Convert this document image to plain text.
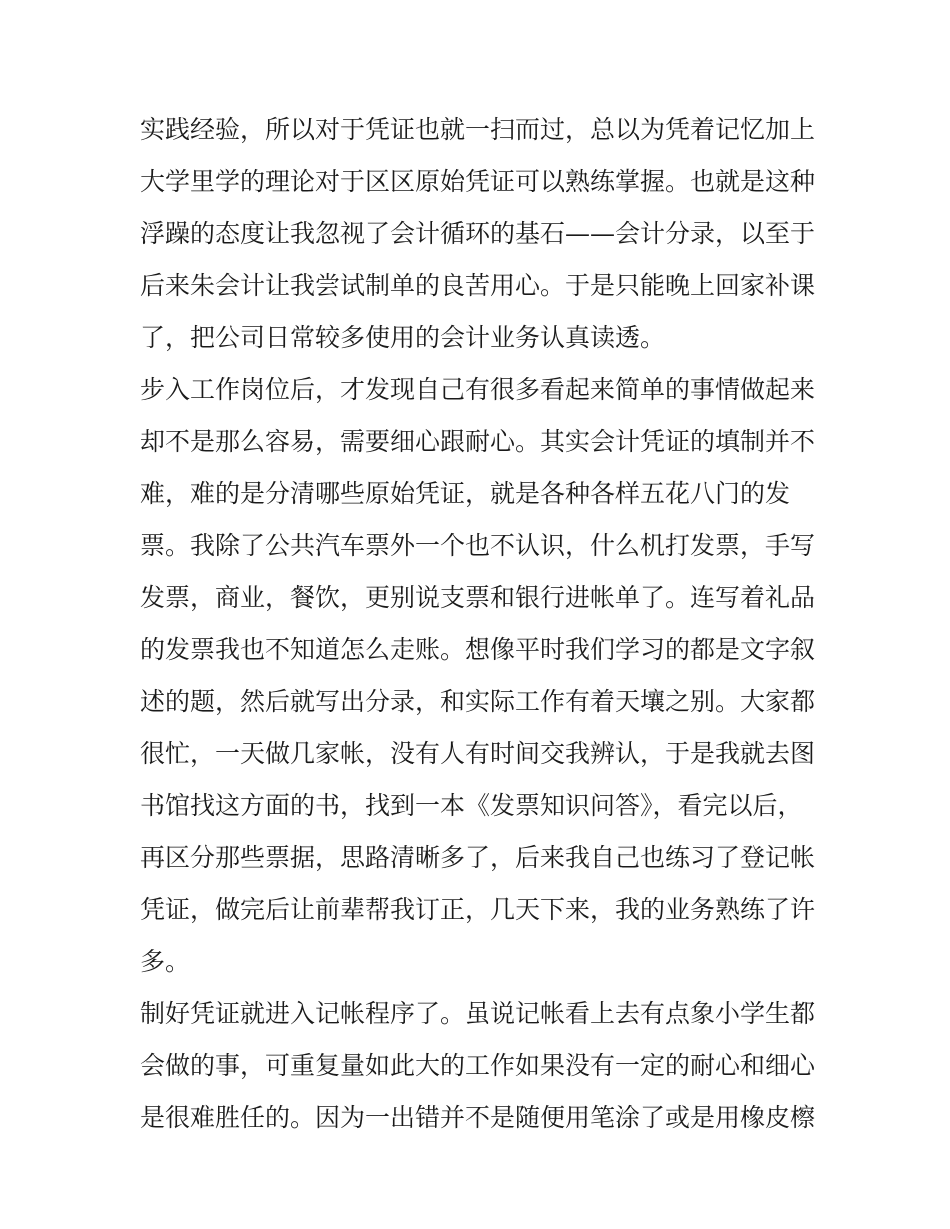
实践经验，所以对于凭证也就一扫而过，总以为凭着记忆加上
大学里学的理论对于区区原始凭证可以熟练掌握。也就是这种
浮躁的态度让我忽视了会计循环的基石——会计分录，以至于
后来朱会计让我尝试制单的良苦用心。于是只能晚上回家补课
了，把公司日常较多使用的会计业务认真读透。
步入工作岗位后，才发现自己有很多看起来简单的事情做起来
却不是那么容易，需要细心跟耐心。其实会计凭证的填制并不
难，难的是分清哪些原始凭证，就是各种各样五花八门的发
票。我除了公共汽车票外一个也不认识，什么机打发票，手写
发票，商业，餐饮，更别说支票和银行进帐单了。连写着礼品
的发票我也不知道怎么走账。想像平时我们学习的都是文字叙
述的题，然后就写出分录，和实际工作有着天壤之别。大家都
很忙，一天做几家帐，没有人有时间交我辨认，于是我就去图
书馆找这方面的书，找到一本《发票知识问答》，看完以后，
再区分那些票据，思路清晰多了，后来我自己也练习了登记帐
凭证，做完后让前辈帮我订正，几天下来，我的业务熟练了许
多。
制好凭证就进入记帐程序了。虽说记帐看上去有点象小学生都
会做的事，可重复量如此大的工作如果没有一定的耐心和细心
是很难胜任的。因为一出错并不是随便用笔涂了或是用橡皮檫
